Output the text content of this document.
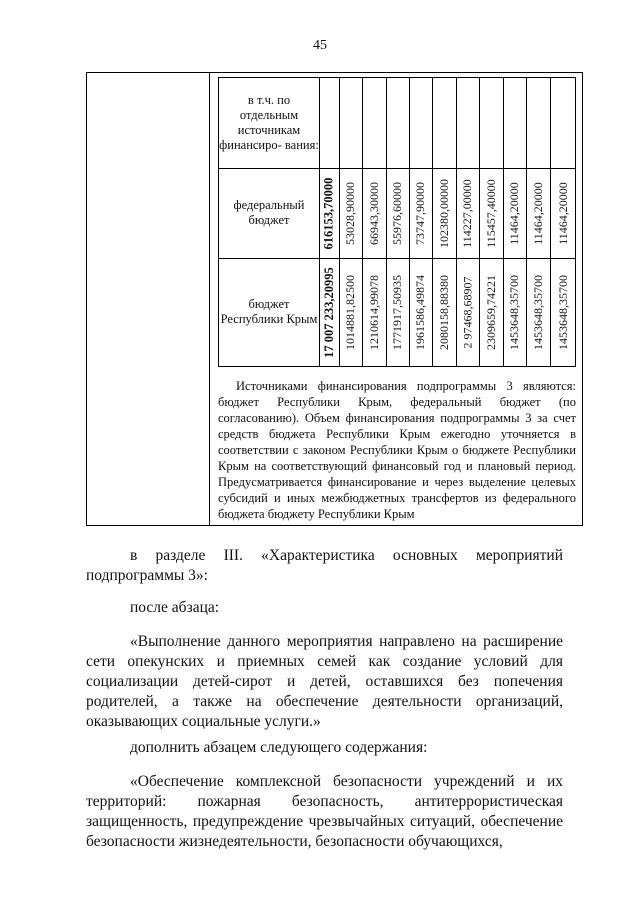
45
в т.ч. по отдельным источникам финансиро- вания:
федеральный бюджет	616153,70000 53028,90000 66943,30000 55976,60000 73747,90000 102380,00000 114227,00000 115457,40000 11464,20000 11464,20000 11464,20000
бюджет Республики Крым 17 007 233,20995 1014881,82500 1210614,99078 1771917,50935 1961586,49874 2080158,88380 2 97468,68907 2309659,74221 1453648,35700 1453648,35700 1453648,35700
Источниками финансирования подпрограммы 3 являются: бюджет Республики Крым, федеральный бюджет (по согласованию). Объем финансирования подпрограммы 3 за счет средств бюджета Республики Крым ежегодно уточняется в соответствии с законом Республики Крым о бюджете Республики Крым на соответствующий финансовый год и плановый период. Предусматривается финансирование и через выделение целевых субсидий и иных межбюджетных трансфертов из федерального бюджета бюджету Республики Крым
в разделе III. «Характеристика основных мероприятий подпрограммы 3»:
после абзаца:
«Выполнение данного мероприятия направлено на расширение сети опекунских и приемных семей как создание условий для социализации детей-сирот и детей, оставшихся без попечения родителей, а также на обеспечение деятельности организаций, оказывающих социальные услуги.»
дополнить абзацем следующего содержания:
«Обеспечение комплексной безопасности учреждений и их территорий: пожарная безопасность, антитеррористическая защищенность, предупреждение чрезвычайных ситуаций, обеспечение безопасности жизнедеятельности, безопасности обучающихся,
